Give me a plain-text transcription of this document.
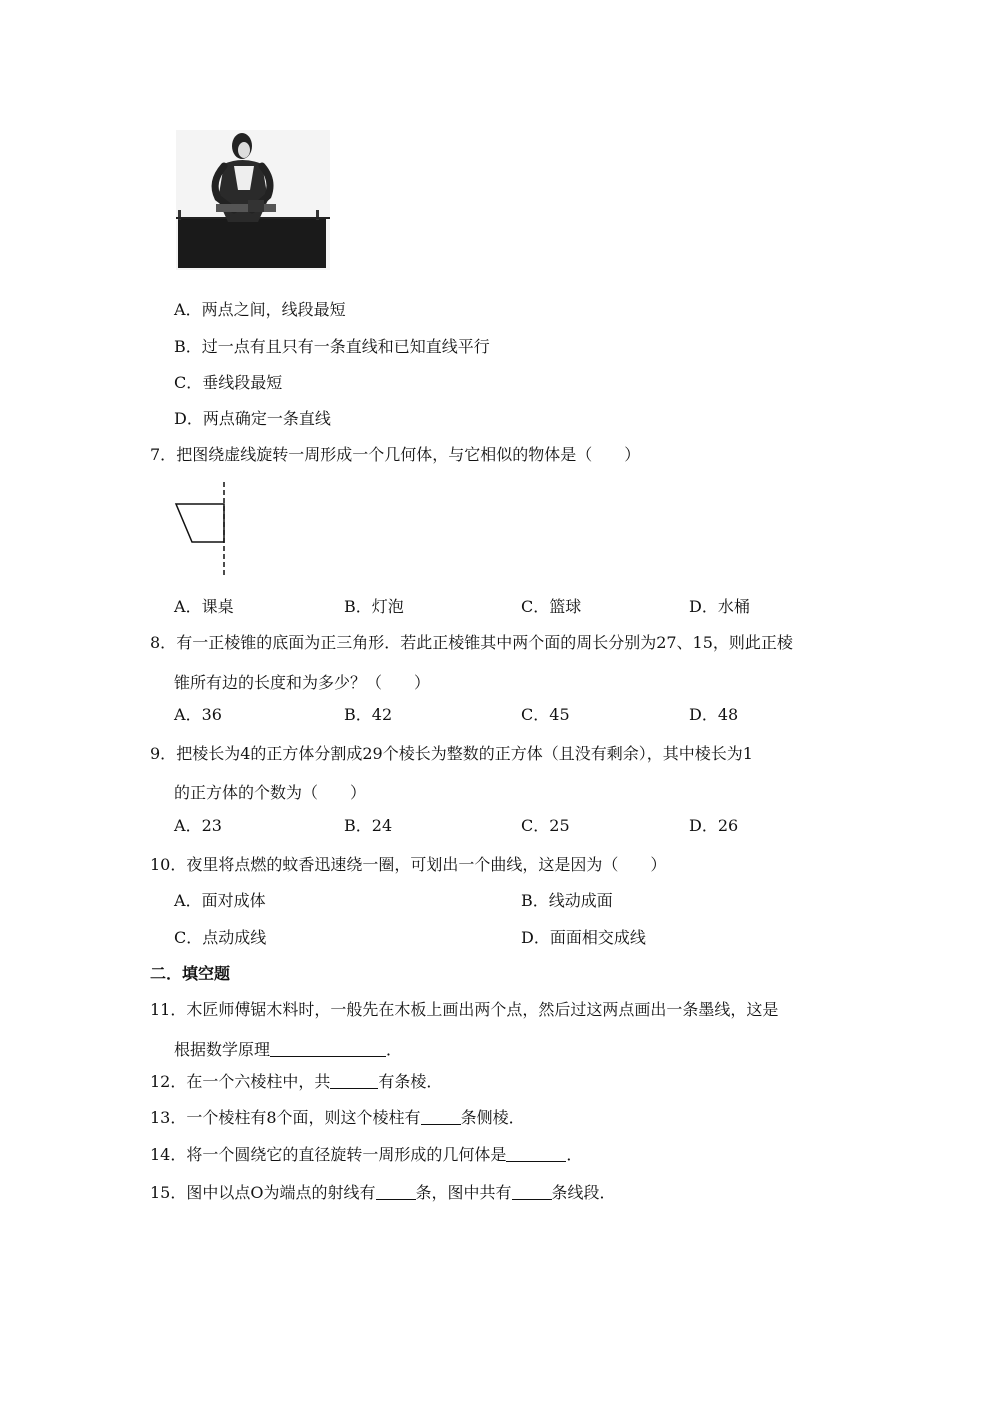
A．两点之间，线段最短
B．过一点有且只有一条直线和已知直线平行
C．垂线段最短
D．两点确定一条直线
7．把图绕虚线旋转一周形成一个几何体，与它相似的物体是（　　）
A．课桌	B．灯泡	C．篮球	D．水桶
8．有一正棱锥的底面为正三角形．若此正棱锥其中两个面的周长分别为27、15，则此正棱
锥所有边的长度和为多少？（　　）
A．36	B．42	C．45	D．48
9．把棱长为4的正方体分割成29个棱长为整数的正方体（且没有剩余），其中棱长为1
的正方体的个数为（　　）
A．23	B．24	C．25	D．26
10．夜里将点燃的蚊香迅速绕一圈，可划出一个曲线，这是因为（　　）
A．面对成体	B．线动成面
C．点动成线	D．面面相交成线
二．填空题
11．木匠师傅锯木料时，一般先在木板上画出两个点，然后过这两点画出一条墨线，这是
根据数学原理	．
12．在一个六棱柱中，共	有条棱．
13．一个棱柱有8个面，则这个棱柱有	条侧棱．
14．将一个圆绕它的直径旋转一周形成的几何体是	．
15．图中以点O为端点的射线有	条，图中共有	条线段．
